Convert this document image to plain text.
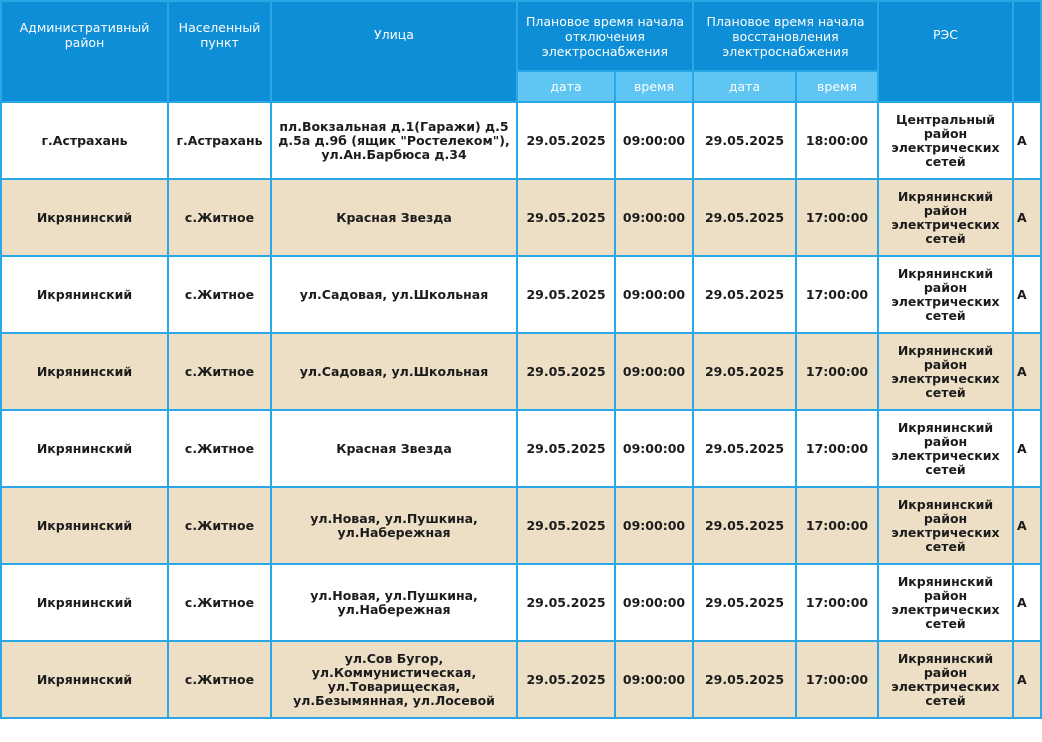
Административный район	Населенный пункт	Улица	Плановое время начала отключения электроснабжения		Плановое время начала восстановления электроснабжения		РЭС	
			дата	время	дата	время		
г.Астрахань	г.Астрахань	пл.Вокзальная д.1(Гаражи) д.5 д.5а д.9б (ящик "Ростелеком"), ул.Ан.Барбюса д.34	29.05.2025	09:00:00	29.05.2025	18:00:00	Центральный район электрических сетей	А
Икрянинский	с.Житное	Красная Звезда	29.05.2025	09:00:00	29.05.2025	17:00:00	Икрянинский район электрических сетей	А
Икрянинский	с.Житное	ул.Садовая, ул.Школьная	29.05.2025	09:00:00	29.05.2025	17:00:00	Икрянинский район электрических сетей	А
Икрянинский	с.Житное	ул.Садовая, ул.Школьная	29.05.2025	09:00:00	29.05.2025	17:00:00	Икрянинский район электрических сетей	А
Икрянинский	с.Житное	Красная Звезда	29.05.2025	09:00:00	29.05.2025	17:00:00	Икрянинский район электрических сетей	А
Икрянинский	с.Житное	ул.Новая, ул.Пушкина, ул.Набережная	29.05.2025	09:00:00	29.05.2025	17:00:00	Икрянинский район электрических сетей	А
Икрянинский	с.Житное	ул.Новая, ул.Пушкина, ул.Набережная	29.05.2025	09:00:00	29.05.2025	17:00:00	Икрянинский район электрических сетей	А
Икрянинский	с.Житное	ул.Сов Бугор, ул.Коммунистическая, ул.Товарищеская, ул.Безымянная, ул.Лосевой	29.05.2025	09:00:00	29.05.2025	17:00:00	Икрянинский район электрических сетей	А
